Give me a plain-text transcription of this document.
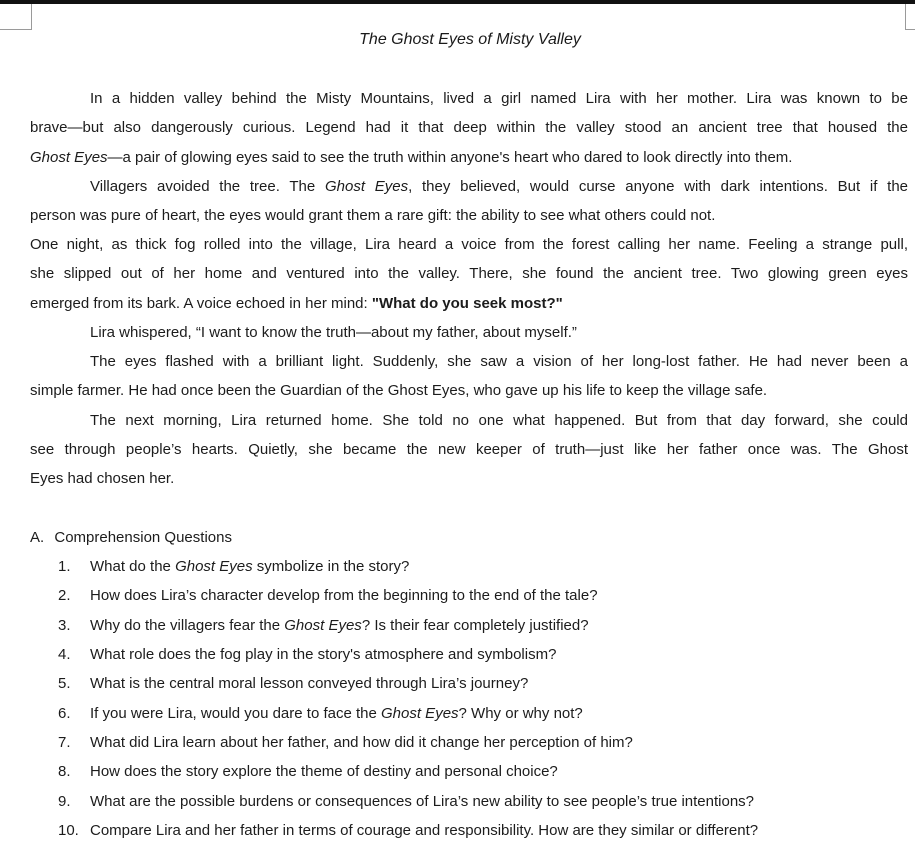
The Ghost Eyes of Misty Valley
In a hidden valley behind the Misty Mountains, lived a girl named Lira with her mother. Lira was known to be
brave—but also dangerously curious. Legend had it that deep within the valley stood an ancient tree that housed the
Ghost Eyes—a pair of glowing eyes said to see the truth within anyone's heart who dared to look directly into them.
Villagers avoided the tree. The Ghost Eyes, they believed, would curse anyone with dark intentions. But if the
person was pure of heart, the eyes would grant them a rare gift: the ability to see what others could not.
One night, as thick fog rolled into the village, Lira heard a voice from the forest calling her name. Feeling a strange pull,
she slipped out of her home and ventured into the valley. There, she found the ancient tree. Two glowing green eyes
emerged from its bark. A voice echoed in her mind: "What do you seek most?"
Lira whispered, “I want to know the truth—about my father, about myself.”
The eyes flashed with a brilliant light. Suddenly, she saw a vision of her long-lost father. He had never been a
simple farmer. He had once been the Guardian of the Ghost Eyes, who gave up his life to keep the village safe.
The next morning, Lira returned home. She told no one what happened. But from that day forward, she could
see through people’s hearts. Quietly, she became the new keeper of truth—just like her father once was. The Ghost
Eyes had chosen her.
A. Comprehension Questions
1.	What do the Ghost Eyes symbolize in the story?
2.	How does Lira’s character develop from the beginning to the end of the tale?
3.	Why do the villagers fear the Ghost Eyes? Is their fear completely justified?
4.	What role does the fog play in the story's atmosphere and symbolism?
5.	What is the central moral lesson conveyed through Lira’s journey?
6.	If you were Lira, would you dare to face the Ghost Eyes? Why or why not?
7.	What did Lira learn about her father, and how did it change her perception of him?
8.	How does the story explore the theme of destiny and personal choice?
9.	What are the possible burdens or consequences of Lira’s new ability to see people’s true intentions?
10. Compare Lira and her father in terms of courage and responsibility. How are they similar or different?
